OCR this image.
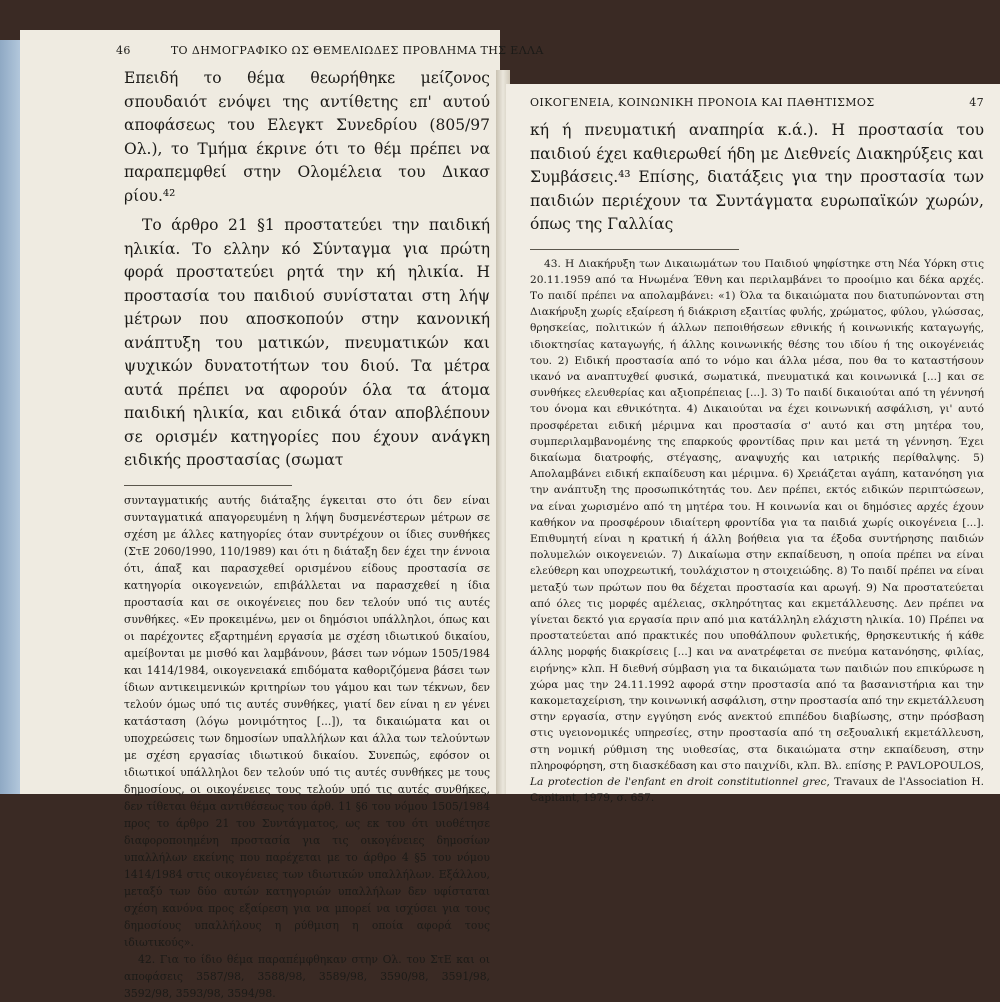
46	ΤΟ ΔΗΜΟΓΡΑΦΙΚΟ ΩΣ ΘΕΜΕΛΙΩΔΕΣ ΠΡΟΒΛΗΜΑ ΤΗΣ ΕΛΛΑ

Επειδή το θέμα θεωρήθηκε μείζονος σπουδαιότ ενόψει της αντίθετης επ' αυτού αποφάσεως του Ελεγκτ Συνεδρίου (805/97 Ολ.), το Τμήμα έκρινε ότι το θέμ πρέπει να παραπεμφθεί στην Ολομέλεια του Δικασ ρίου.⁴²

Το άρθρο 21 §1 προστατεύει την παιδική ηλικία. Το ελλην κό Σύνταγμα για πρώτη φορά προστατεύει ρητά την κή ηλικία. Η προστασία του παιδιού συνίσταται στη λήψ μέτρων που αποσκοπούν στην κανονική ανάπτυξη του ματικών, πνευματικών και ψυχικών δυνατοτήτων του διού. Τα μέτρα αυτά πρέπει να αφορούν όλα τα άτομα παιδική ηλικία, και ειδικά όταν αποβλέπουν σε ορισμέν κατηγορίες που έχουν ανάγκη ειδικής προστασίας (σωματ

συνταγματικής αυτής διάταξης έγκειται στο ότι δεν είναι συνταγματικά απαγορευμένη η λήψη δυσμενέστερων μέτρων σε σχέση με άλλες κατηγορίες όταν συντρέχουν οι ίδιες συνθήκες (ΣτΕ 2060/1990, 110/1989) και ότι η διάταξη δεν έχει την έννοια ότι, άπαξ και παρασχεθεί ορισμένου είδους προστασία σε κατηγορία οικογενειών, επιβάλλεται να παρασχεθεί η ίδια προστασία και σε οικογένειες που δεν τελούν υπό τις αυτές συνθήκες. «Εν προκειμένω, μεν οι δημόσιοι υπάλληλοι, όπως και οι παρέχοντες εξαρτημένη εργασία με σχέση ιδιωτικού δικαίου, αμείβονται με μισθό και λαμβάνουν, βάσει των νόμων 1505/1984 και 1414/1984, οικογενειακά επιδόματα καθοριζόμενα βάσει των ίδιων αντικειμενικών κριτηρίων του γάμου και των τέκνων, δεν τελούν όμως υπό τις αυτές συνθήκες, γιατί δεν είναι η εν γένει κατάσταση (λόγω μονιμότητος [...]), τα δικαιώματα και οι υποχρεώσεις των δημοσίων υπαλλήλων και άλλα των τελούντων με σχέση εργασίας ιδιωτικού δικαίου. Συνεπώς, εφόσον οι ιδιωτικοί υπάλληλοι δεν τελούν υπό τις αυτές συνθήκες με τους δημοσίους, οι οικογένειες τους τελούν υπό τις αυτές συνθήκες, δεν τίθεται θέμα αντιθέσεως του άρθ. 11 §6 του νόμου 1505/1984 προς το άρθρο 21 του Συντάγματος, ως εκ του ότι υιοθέτησε διαφοροποιημένη προστασία για τις οικογένειες δημοσίων υπαλλήλων εκείνης που παρέχεται με το άρθρο 4 §5 του νόμου 1414/1984 στις οικογένειες των ιδιωτικών υπαλλήλων. Εξάλλου, μεταξύ των δύο αυτών κατηγοριών υπαλλήλων δεν υφίσταται σχέση κανόνα προς εξαίρεση για να μπορεί να ισχύσει για τους δημοσίους υπαλλήλους η ρύθμιση η οποία αφορά τους ιδιωτικούς».

42. Για το ίδιο θέμα παραπέμφθηκαν στην Ολ. του ΣτΕ και οι αποφάσεις 3587/98, 3588/98, 3589/98, 3590/98, 3591/98, 3592/98, 3593/98, 3594/98.

ΟΙΚΟΓΕΝΕΙΑ, ΚΟΙΝΩΝΙΚΗ ΠΡΟΝΟΙΑ ΚΑΙ ΠΑΘΗΤΙΣΜΟΣ	47

κή ή πνευματική αναπηρία κ.ά.). Η προστασία του παιδιού έχει καθιερωθεί ήδη με Διεθνείς Διακηρύξεις και Συμβάσεις.⁴³ Επίσης, διατάξεις για την προστασία των παιδιών περιέχουν τα Συντάγματα ευρωπαϊκών χωρών, όπως της Γαλλίας

43. Η Διακήρυξη των Δικαιωμάτων του Παιδιού ψηφίστηκε στη Νέα Υόρκη στις 20.11.1959 από τα Ηνωμένα Έθνη και περιλαμβάνει το προοίμιο και δέκα αρχές. Το παιδί πρέπει να απολαμβάνει: «1) Όλα τα δικαιώματα που διατυπώνονται στη Διακήρυξη χωρίς εξαίρεση ή διάκριση εξαιτίας φυλής, χρώματος, φύλου, γλώσσας, θρησκείας, πολιτικών ή άλλων πεποιθήσεων εθνικής ή κοινωνικής καταγωγής, ιδιοκτησίας καταγωγής, ή άλλης κοινωνικής θέσης του ιδίου ή της οικογένειάς του. 2) Ειδική προστασία από το νόμο και άλλα μέσα, που θα το καταστήσουν ικανό να αναπτυχθεί φυσικά, σωματικά, πνευματικά και κοινωνικά [...] και σε συνθήκες ελευθερίας και αξιοπρέπειας [...]. 3) Το παιδί δικαιούται από τη γέννησή του όνομα και εθνικότητα. 4) Δικαιούται να έχει κοινωνική ασφάλιση, γι' αυτό προσφέρεται ειδική μέριμνα και προστασία σ' αυτό και στη μητέρα του, συμπεριλαμβανομένης της επαρκούς φροντίδας πριν και μετά τη γέννηση. Έχει δικαίωμα διατροφής, στέγασης, αναψυχής και ιατρικής περίθαλψης. 5) Απολαμβάνει ειδική εκπαίδευση και μέριμνα. 6) Χρειάζεται αγάπη, κατανόηση για την ανάπτυξη της προσωπικότητάς του. Δεν πρέπει, εκτός ειδικών περιπτώσεων, να είναι χωρισμένο από τη μητέρα του. Η κοινωνία και οι δημόσιες αρχές έχουν καθήκον να προσφέρουν ιδιαίτερη φροντίδα για τα παιδιά χωρίς οικογένεια [...]. Επιθυμητή είναι η κρατική ή άλλη βοήθεια για τα έξοδα συντήρησης παιδιών πολυμελών οικογενειών. 7) Δικαίωμα στην εκπαίδευση, η οποία πρέπει να είναι ελεύθερη και υποχρεωτική, τουλάχιστον η στοιχειώδης. 8) Το παιδί πρέπει να είναι μεταξύ των πρώτων που θα δέχεται προστασία και αρωγή. 9) Να προστατεύεται από όλες τις μορφές αμέλειας, σκληρότητας και εκμετάλλευσης. Δεν πρέπει να γίνεται δεκτό για εργασία πριν από μια κατάλληλη ελάχιστη ηλικία. 10) Πρέπει να προστατεύεται από πρακτικές που υποθάλπουν φυλετικής, θρησκευτικής ή κάθε άλλης μορφής διακρίσεις [...] και να ανατρέφεται σε πνεύμα κατανόησης, φιλίας, ειρήνης» κλπ. Η διεθνή σύμβαση για τα δικαιώματα των παιδιών που επικύρωσε η χώρα μας την 24.11.1992 αφορά στην προστασία από τα βασανιστήρια και την κακομεταχείριση, την κοινωνική ασφάλιση, στην προστασία από την εκμετάλλευση στην εργασία, στην εγγύηση ενός ανεκτού επιπέδου διαβίωσης, στην πρόσβαση στις υγειονομικές υπηρεσίες, στην προστασία από τη σεξουαλική εκμετάλλευση, στη νομική ρύθμιση της υιοθεσίας, στα δικαιώματα στην εκπαίδευση, στην πληροφόρηση, στη διασκέδαση και στο παιχνίδι, κλπ. Βλ. επίσης P. PAVLOPOULOS, La protection de l'enfant en droit constitutionnel grec, Travaux de l'Association H. Capitant, 1979, σ. 657.
